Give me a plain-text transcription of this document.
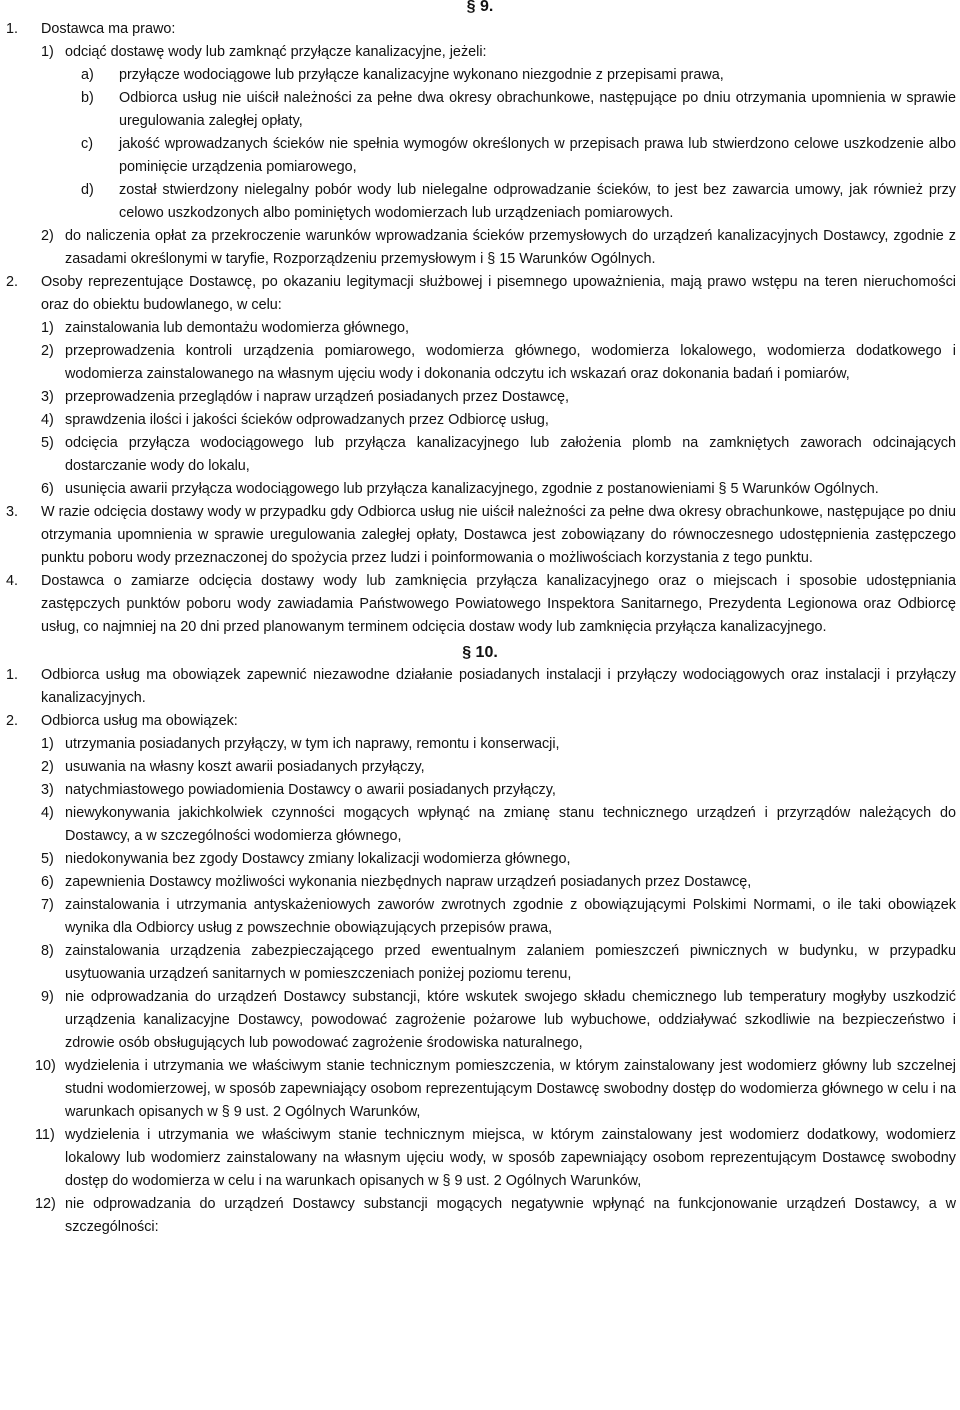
§ 9.
1. Dostawca ma prawo:
1) odciąć dostawę wody lub zamknąć przyłącze kanalizacyjne, jeżeli:
a) przyłącze wodociągowe lub przyłącze kanalizacyjne wykonano niezgodnie z przepisami prawa,
b) Odbiorca usług nie uiścił należności za pełne dwa okresy obrachunkowe, następujące po dniu otrzymania upomnienia w sprawie uregulowania zaległej opłaty,
c) jakość wprowadzanych ścieków nie spełnia wymogów określonych w przepisach prawa lub stwierdzono celowe uszkodzenie albo pominięcie urządzenia pomiarowego,
d) został stwierdzony nielegalny pobór wody lub nielegalne odprowadzanie ścieków, to jest bez zawarcia umowy, jak również przy celowo uszkodzonych albo pominiętych wodomierzach lub urządzeniach pomiarowych.
2) do naliczenia opłat za przekroczenie warunków wprowadzania ścieków przemysłowych do urządzeń kanalizacyjnych Dostawcy, zgodnie z zasadami określonymi w taryfie, Rozporządzeniu przemysłowym i § 15 Warunków Ogólnych.
2. Osoby reprezentujące Dostawcę, po okazaniu legitymacji służbowej i pisemnego upoważnienia, mają prawo wstępu na teren nieruchomości oraz do obiektu budowlanego, w celu:
1) zainstalowania lub demontażu wodomierza głównego,
2) przeprowadzenia kontroli urządzenia pomiarowego, wodomierza głównego, wodomierza lokalowego, wodomierza dodatkowego i wodomierza zainstalowanego na własnym ujęciu wody i dokonania odczytu ich wskazań oraz dokonania badań i pomiarów,
3) przeprowadzenia przeglądów i napraw urządzeń posiadanych przez Dostawcę,
4) sprawdzenia ilości i jakości ścieków odprowadzanych przez Odbiorcę usług,
5) odcięcia przyłącza wodociągowego lub przyłącza kanalizacyjnego lub założenia plomb na zamkniętych zaworach odcinających dostarczanie wody do lokalu,
6) usunięcia awarii przyłącza wodociągowego lub przyłącza kanalizacyjnego, zgodnie z postanowieniami § 5 Warunków Ogólnych.
3. W razie odcięcia dostawy wody w przypadku gdy Odbiorca usług nie uiścił należności za pełne dwa okresy obrachunkowe, następujące po dniu otrzymania upomnienia w sprawie uregulowania zaległej opłaty, Dostawca jest zobowiązany do równoczesnego udostępnienia zastępczego punktu poboru wody przeznaczonej do spożycia przez ludzi i poinformowania o możliwościach korzystania z tego punktu.
4. Dostawca o zamiarze odcięcia dostawy wody lub zamknięcia przyłącza kanalizacyjnego oraz o miejscach i sposobie udostępniania zastępczych punktów poboru wody zawiadamia Państwowego Powiatowego Inspektora Sanitarnego, Prezydenta Legionowa oraz Odbiorcę usług, co najmniej na 20 dni przed planowanym terminem odcięcia dostaw wody lub zamknięcia przyłącza kanalizacyjnego.
§ 10.
1. Odbiorca usług ma obowiązek zapewnić niezawodne działanie posiadanych instalacji i przyłączy wodociągowych oraz instalacji i przyłączy kanalizacyjnych.
2. Odbiorca usług ma obowiązek:
1) utrzymania posiadanych przyłączy, w tym ich naprawy, remontu i konserwacji,
2) usuwania na własny koszt awarii posiadanych przyłączy,
3) natychmiastowego powiadomienia Dostawcy o awarii posiadanych przyłączy,
4) niewykonywania jakichkolwiek czynności mogących wpłynąć na zmianę stanu technicznego urządzeń i przyrządów należących do Dostawcy, a w szczególności wodomierza głównego,
5) niedokonywania bez zgody Dostawcy zmiany lokalizacji wodomierza głównego,
6) zapewnienia Dostawcy możliwości wykonania niezbędnych napraw urządzeń posiadanych przez Dostawcę,
7) zainstalowania i utrzymania antyskażeniowych zaworów zwrotnych zgodnie z obowiązującymi Polskimi Normami, o ile taki obowiązek wynika dla Odbiorcy usług z powszechnie obowiązujących przepisów prawa,
8) zainstalowania urządzenia zabezpieczającego przed ewentualnym zalaniem pomieszczeń piwnicznych w budynku, w przypadku usytuowania urządzeń sanitarnych w pomieszczeniach poniżej poziomu terenu,
9) nie odprowadzania do urządzeń Dostawcy substancji, które wskutek swojego składu chemicznego lub temperatury mogłyby uszkodzić urządzenia kanalizacyjne Dostawcy, powodować zagrożenie pożarowe lub wybuchowe, oddziaływać szkodliwie na bezpieczeństwo i zdrowie osób obsługujących lub powodować zagrożenie środowiska naturalnego,
10) wydzielenia i utrzymania we właściwym stanie technicznym pomieszczenia, w którym zainstalowany jest wodomierz główny lub szczelnej studni wodomierzowej, w sposób zapewniający osobom reprezentującym Dostawcę swobodny dostęp do wodomierza głównego w celu i na warunkach opisanych w § 9 ust. 2 Ogólnych Warunków,
11) wydzielenia i utrzymania we właściwym stanie technicznym miejsca, w którym zainstalowany jest wodomierz dodatkowy, wodomierz lokalowy lub wodomierz zainstalowany na własnym ujęciu wody, w sposób zapewniający osobom reprezentującym Dostawcę swobodny dostęp do wodomierza w celu i na warunkach opisanych w § 9 ust. 2 Ogólnych Warunków,
12) nie odprowadzania do urządzeń Dostawcy substancji mogących negatywnie wpłynąć na funkcjonowanie urządzeń Dostawcy, a w szczególności:
